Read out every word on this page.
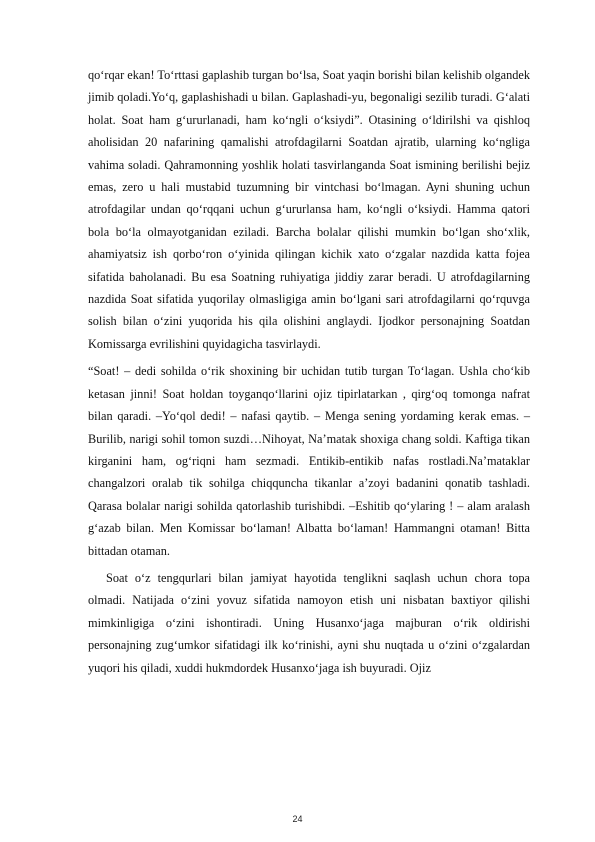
qo‘rqar ekan! To‘rttasi gaplashib turgan bo‘lsa, Soat yaqin borishi bilan kelishib olgandek jimib qoladi.Yo‘q, gaplashishadi u bilan. Gaplashadi-yu, begonaligi sezilib turadi. G‘alati holat. Soat ham g‘ururlanadi, ham ko‘ngli o‘ksiydi”. Otasining o‘ldirilshi va qishloq aholisidan 20 nafarining qamalishi atrofdagilarni Soatdan ajratib, ularning ko‘ngliga vahima soladi. Qahramonning yoshlik holati tasvirlanganda Soat ismining berilishi bejiz emas, zero u hali mustabid tuzumning bir vintchasi bo‘lmagan. Ayni shuning uchun atrofdagilar undan qo‘rqqani uchun g‘ururlansa ham, ko‘ngli o‘ksiydi. Hamma qatori bola bo‘la olmayotganidan eziladi. Barcha bolalar qilishi mumkin bo‘lgan sho‘xlik, ahamiyatsiz ish qorbo‘ron o‘yinida qilingan kichik xato o‘zgalar nazdida katta fojea sifatida baholanadi. Bu esa Soatning ruhiyatiga jiddiy zarar beradi. U atrofdagilarning nazdida Soat sifatida yuqorilay olmasligiga amin bo‘lgani sari atrofdagilarni qo‘rquvga solish bilan o‘zini yuqorida his qila olishini anglaydi. Ijodkor personajning Soatdan Komissarga evrilishini quyidagicha tasvirlaydi.

“Soat! – dedi sohilda o‘rik shoxining bir uchidan tutib turgan To‘lagan. Ushla cho‘kib ketasan jinni! Soat holdan toyganqo‘llarini ojiz tipirlatarkan , qirg‘oq tomonga nafrat bilan qaradi. –Yo‘qol dedi! – nafasi qaytib. – Menga sening yordaming kerak emas. –Burilib, narigi sohil tomon suzdi…Nihoyat, Na’matak shoxiga chang soldi. Kaftiga tikan kirganini ham, og‘riqni ham sezmadi. Entikib-entikib nafas rostladi.Na’mataklar changalzori oralab tik sohilga chiqquncha tikanlar a’zoyi badanini qonatib tashladi. Qarasa bolalar narigi sohilda qatorlashib turishibdi. –Eshitib qo‘ylaring ! – alam aralash g‘azab bilan. Men Komissar bo‘laman! Albatta bo‘laman! Hammangni otaman! Bitta bittadan otaman.

Soat o‘z tengqurlari bilan jamiyat hayotida tenglikni saqlash uchun chora topa olmadi. Natijada o‘zini yovuz sifatida namoyon etish uni nisbatan baxtiyor qilishi mimkinligiga o‘zini ishontiradi. Uning Husanxo‘jaga majburan o‘rik oldirishi personajning zug‘umkor sifatidagi ilk ko‘rinishi, ayni shu nuqtada u o‘zini o‘zgalardan yuqori his qiladi, xuddi hukmdordek Husanxo‘jaga ish buyuradi. Ojiz

24
